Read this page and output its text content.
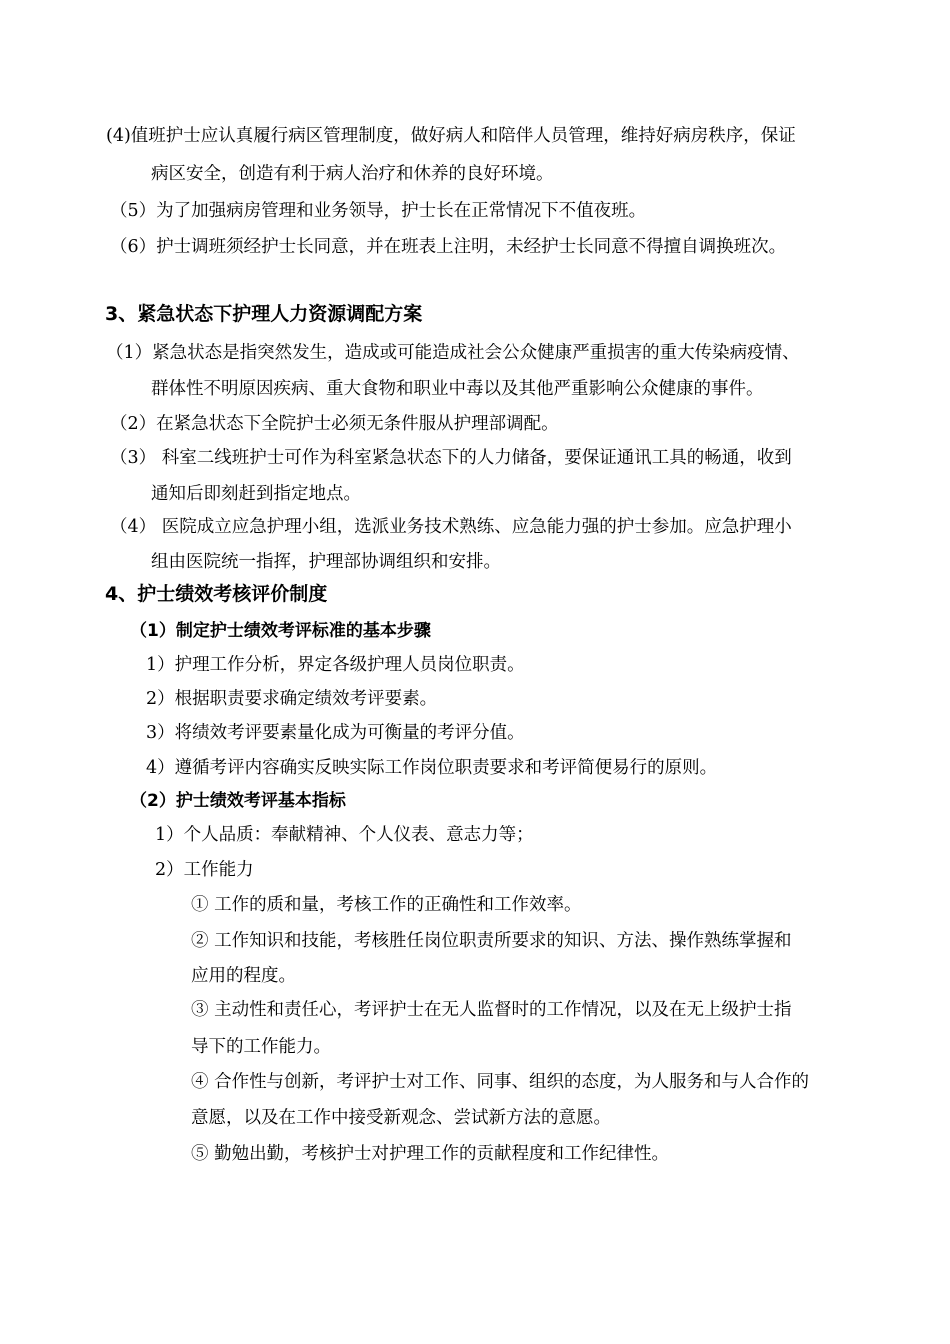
(4)值班护士应认真履行病区管理制度，做好病人和陪伴人员管理，维持好病房秩序，保证
病区安全，创造有利于病人治疗和休养的良好环境。
（5）为了加强病房管理和业务领导，护士长在正常情况下不值夜班。
（6）护士调班须经护士长同意，并在班表上注明，未经护士长同意不得擅自调换班次。
3、紧急状态下护理人力资源调配方案
（1）紧急状态是指突然发生，造成或可能造成社会公众健康严重损害的重大传染病疫情、
群体性不明原因疾病、重大食物和职业中毒以及其他严重影响公众健康的事件。
（2）在紧急状态下全院护士必须无条件服从护理部调配。
（3） 科室二线班护士可作为科室紧急状态下的人力储备，要保证通讯工具的畅通，收到
通知后即刻赶到指定地点。
（4） 医院成立应急护理小组，选派业务技术熟练、应急能力强的护士参加。应急护理小
组由医院统一指挥，护理部协调组织和安排。
4、护士绩效考核评价制度
（1）制定护士绩效考评标准的基本步骤
1）护理工作分析，界定各级护理人员岗位职责。
2）根据职责要求确定绩效考评要素。
3）将绩效考评要素量化成为可衡量的考评分值。
4）遵循考评内容确实反映实际工作岗位职责要求和考评简便易行的原则。
（2）护士绩效考评基本指标
1）个人品质：奉献精神、个人仪表、意志力等；
2）工作能力
① 工作的质和量，考核工作的正确性和工作效率。
② 工作知识和技能，考核胜任岗位职责所要求的知识、方法、操作熟练掌握和
应用的程度。
③ 主动性和责任心，考评护士在无人监督时的工作情况，以及在无上级护士指
导下的工作能力。
④ 合作性与创新，考评护士对工作、同事、组织的态度，为人服务和与人合作的
意愿，以及在工作中接受新观念、尝试新方法的意愿。
⑤ 勤勉出勤，考核护士对护理工作的贡献程度和工作纪律性。
